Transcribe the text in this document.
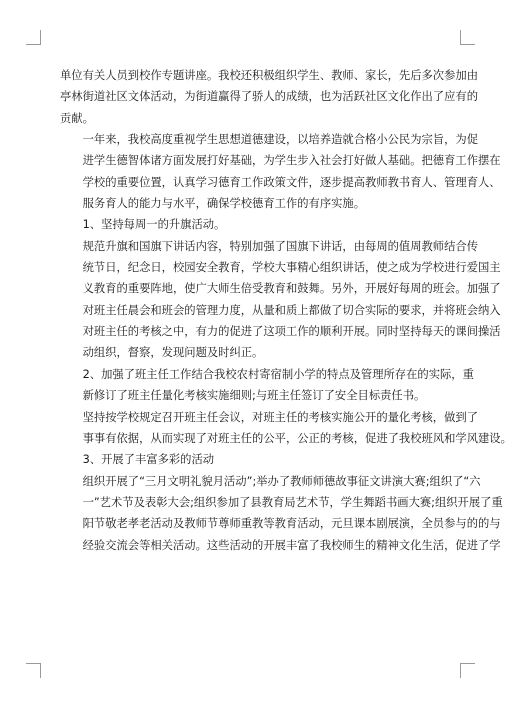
单位有关人员到校作专题讲座。我校还积极组织学生、教师、家长，先后多次参加由
亭林街道社区文体活动，为街道赢得了骄人的成绩，也为活跃社区文化作出了应有的
贡献。

一年来，我校高度重视学生思想道德建设，以培养造就合格小公民为宗旨，为促
进学生德智体诸方面发展打好基础，为学生步入社会打好做人基础。把德育工作摆在
学校的重要位置，认真学习德育工作政策文件，逐步提高教师教书育人、管理育人、
服务育人的能力与水平，确保学校德育工作的有序实施。

1、坚持每周一的升旗活动。

规范升旗和国旗下讲话内容，特别加强了国旗下讲话，由每周的值周教师结合传
统节日，纪念日，校园安全教育，学校大事精心组织讲话，使之成为学校进行爱国主
义教育的重要阵地，使广大师生倍受教育和鼓舞。另外，开展好每周的班会。加强了
对班主任晨会和班会的管理力度，从量和质上都做了切合实际的要求，并将班会纳入
对班主任的考核之中，有力的促进了这项工作的顺利开展。同时坚持每天的课间操活
动组织，督察，发现问题及时纠正。

2、加强了班主任工作结合我校农村寄宿制小学的特点及管理所存在的实际，重
新修订了班主任量化考核实施细则;与班主任签订了安全目标责任书。

坚持按学校规定召开班主任会议，对班主任的考核实施公开的量化考核，做到了
事事有依据，从而实现了对班主任的公平，公正的考核，促进了我校班风和学风建设。

3、开展了丰富多彩的活动

组织开展了“三月文明礼貌月活动”;举办了教师师德故事征文讲演大赛;组织了“六
一”艺术节及表彰大会;组织参加了县教育局艺术节，学生舞蹈书画大赛;组织开展了重
阳节敬老孝老活动及教师节尊师重教等教育活动，元旦课本剧展演，全员参与的的与
经验交流会等相关活动。这些活动的开展丰富了我校师生的精神文化生活，促进了学
